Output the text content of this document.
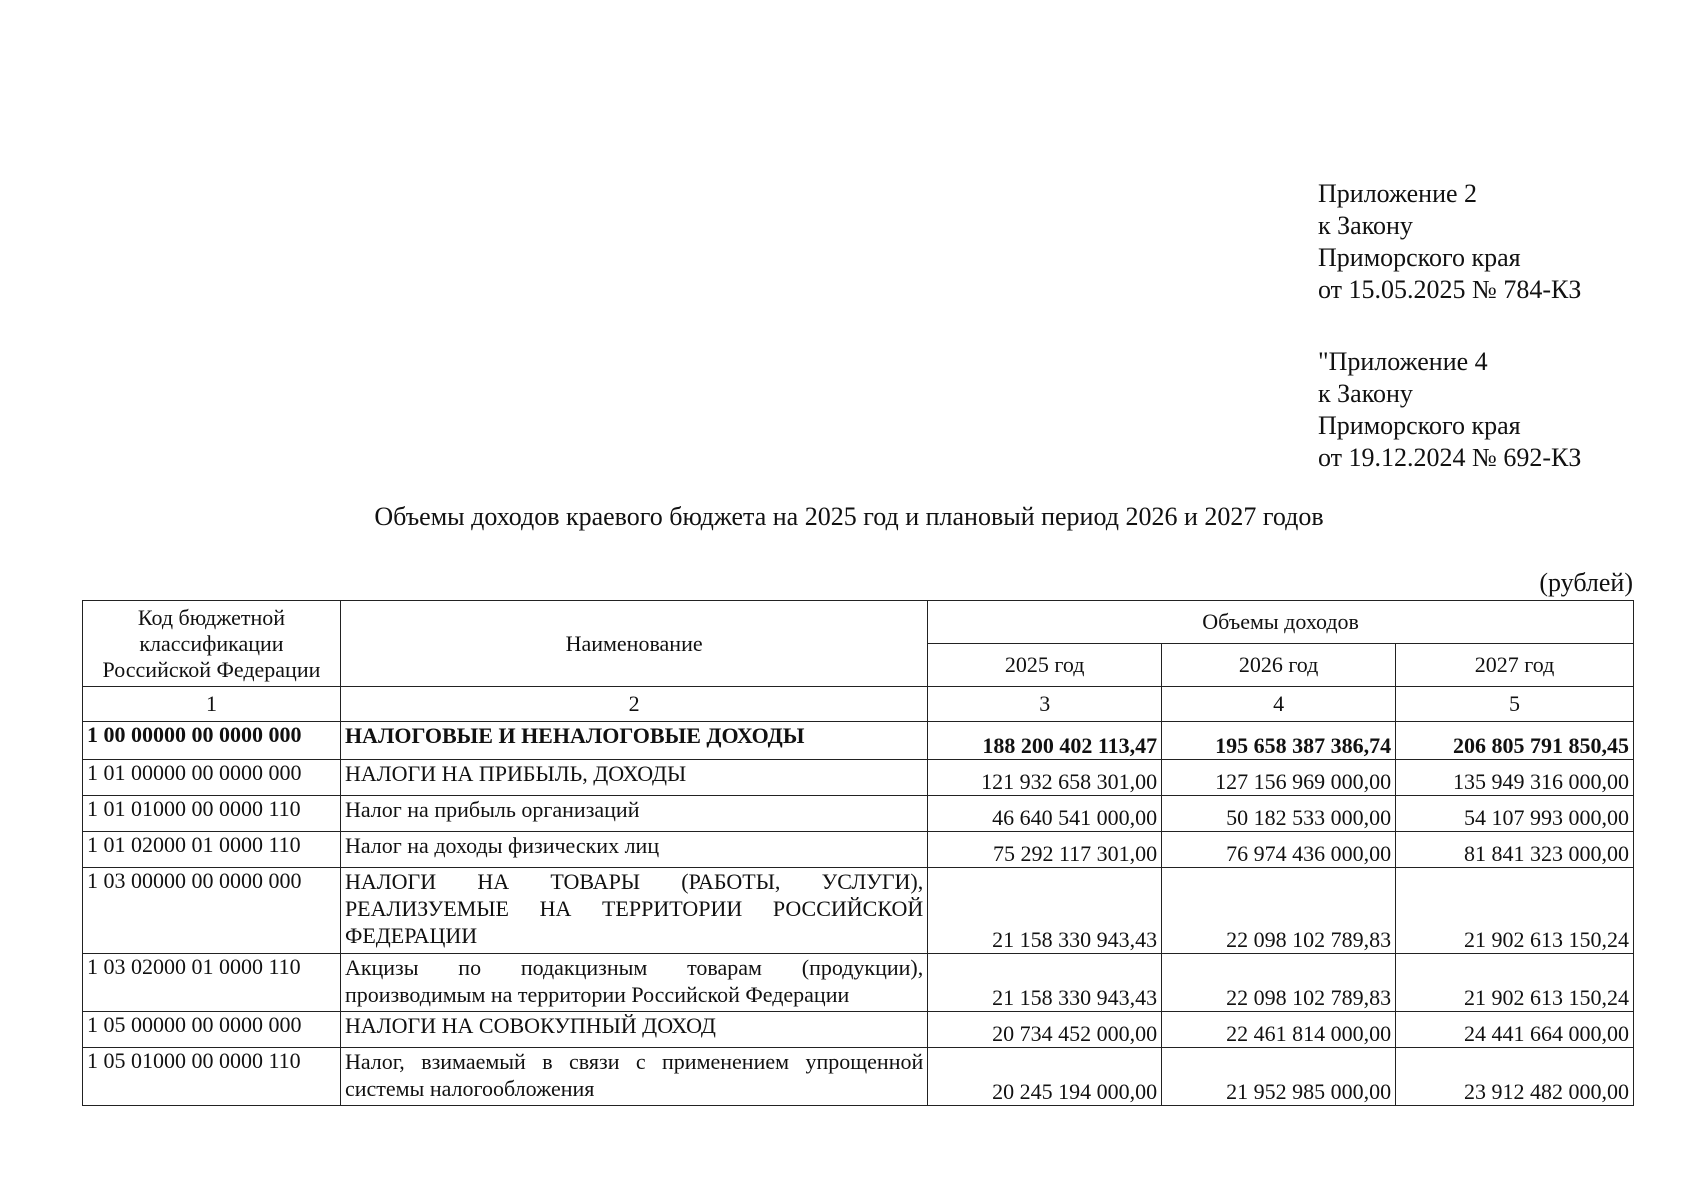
Приложение 2
к Закону
Приморского края
от 15.05.2025 № 784-КЗ
"Приложение 4
к Закону
Приморского края
от 19.12.2024 № 692-КЗ
Объемы доходов краевого бюджета на 2025 год и плановый период 2026 и 2027 годов
(рублей)
Код бюджетной классификации Российской Федерации	Наименование	Объемы доходов		
		2025 год	2026 год	2027 год
1	2	3	4	5
1 00 00000 00 0000 000	НАЛОГОВЫЕ И НЕНАЛОГОВЫЕ ДОХОДЫ	188 200 402 113,47	195 658 387 386,74	206 805 791 850,45
1 01 00000 00 0000 000	НАЛОГИ НА ПРИБЫЛЬ, ДОХОДЫ	121 932 658 301,00	127 156 969 000,00	135 949 316 000,00
1 01 01000 00 0000 110	Налог на прибыль организаций	46 640 541 000,00	50 182 533 000,00	54 107 993 000,00
1 01 02000 01 0000 110	Налог на доходы физических лиц	75 292 117 301,00	76 974 436 000,00	81 841 323 000,00
1 03 00000 00 0000 000	НАЛОГИ НА ТОВАРЫ (РАБОТЫ, УСЛУГИ), РЕАЛИЗУЕМЫЕ НА ТЕРРИТОРИИ РОССИЙСКОЙ ФЕДЕРАЦИИ	21 158 330 943,43	22 098 102 789,83	21 902 613 150,24
1 03 02000 01 0000 110	Акцизы по подакцизным товарам (продукции), производимым на территории Российской Федерации	21 158 330 943,43	22 098 102 789,83	21 902 613 150,24
1 05 00000 00 0000 000	НАЛОГИ НА СОВОКУПНЫЙ ДОХОД	20 734 452 000,00	22 461 814 000,00	24 441 664 000,00
1 05 01000 00 0000 110	Налог, взимаемый в связи с применением упрощенной системы налогообложения	20 245 194 000,00	21 952 985 000,00	23 912 482 000,00
